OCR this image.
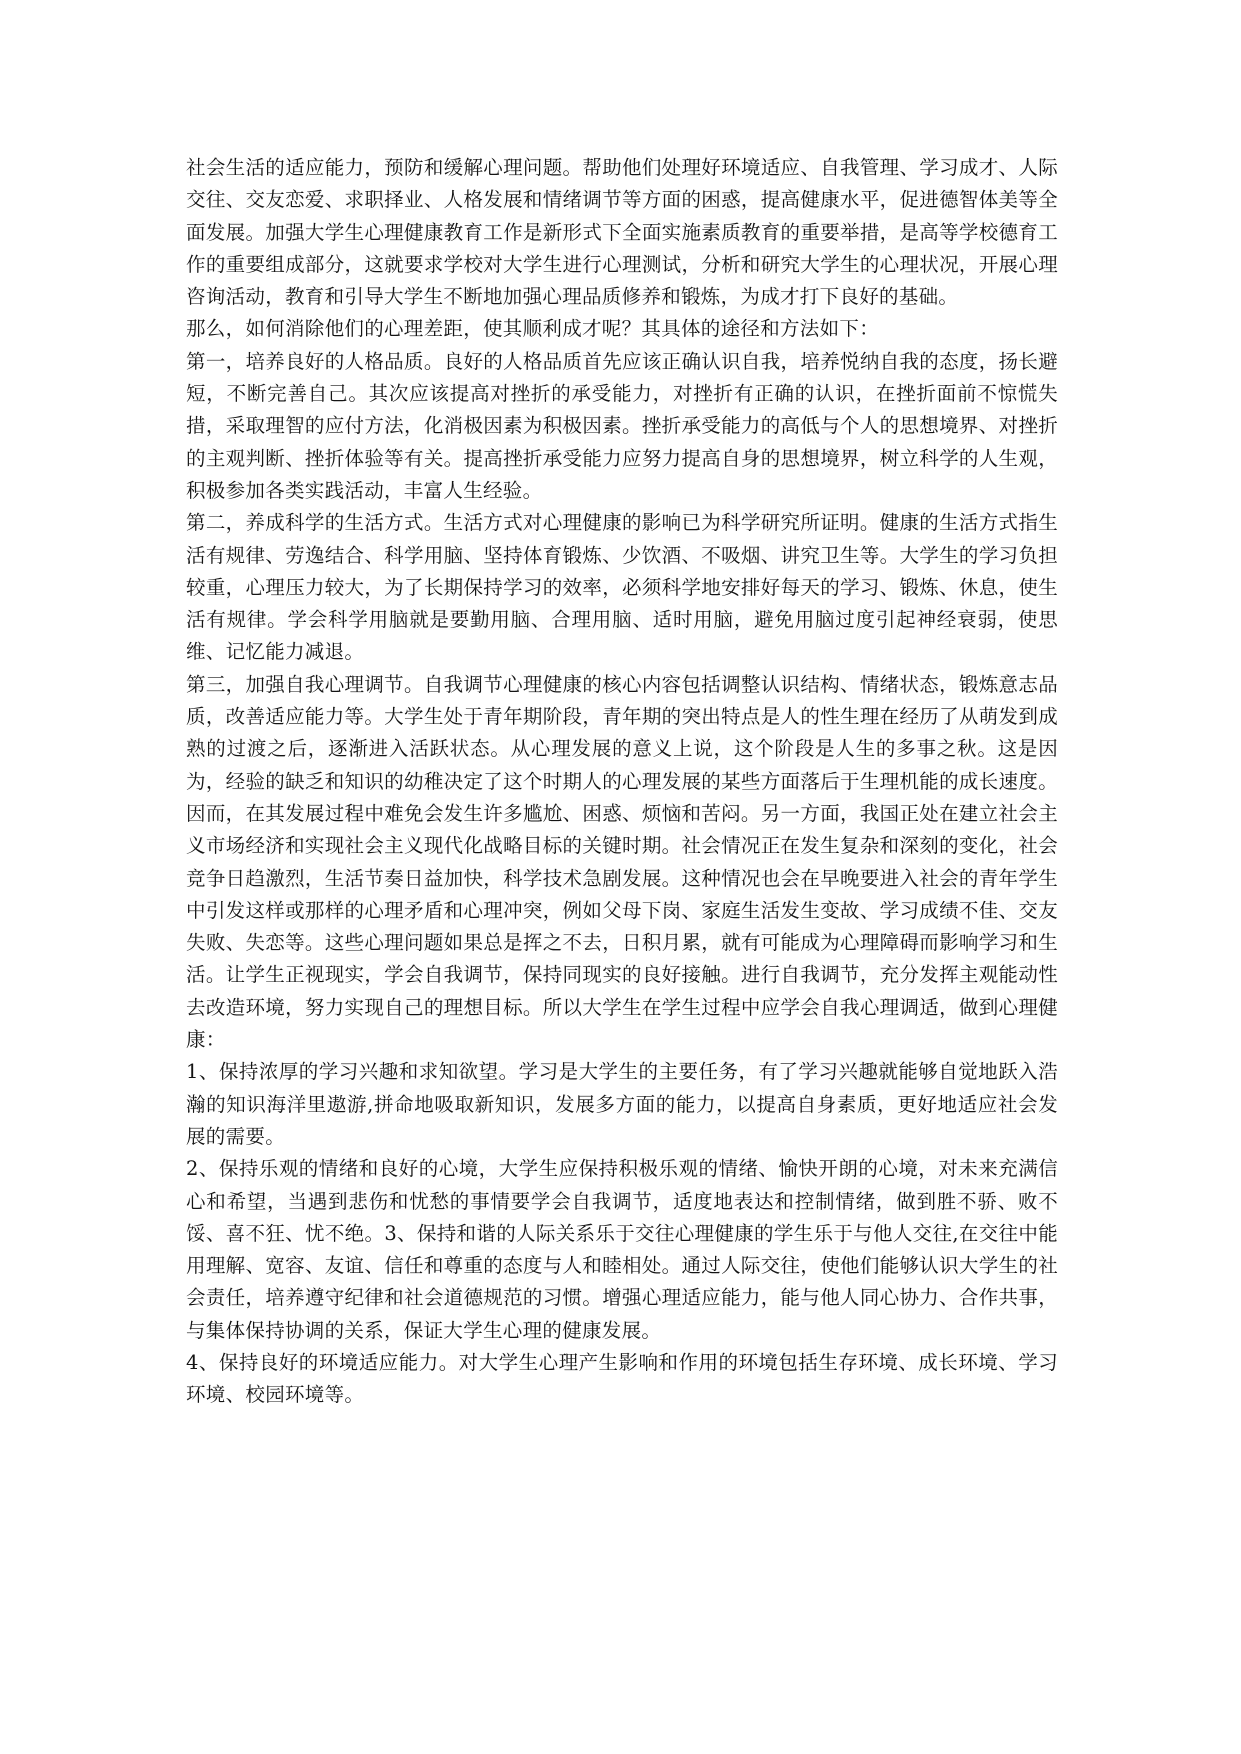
社会生活的适应能力，预防和缓解心理问题。帮助他们处理好环境适应、自我管理、学习成才、人际交往、交友恋爱、求职择业、人格发展和情绪调节等方面的困惑，提高健康水平，促进德智体美等全面发展。加强大学生心理健康教育工作是新形式下全面实施素质教育的重要举措，是高等学校德育工作的重要组成部分，这就要求学校对大学生进行心理测试，分析和研究大学生的心理状况，开展心理咨询活动，教育和引导大学生不断地加强心理品质修养和锻炼，为成才打下良好的基础。

那么，如何消除他们的心理差距，使其顺利成才呢？其具体的途径和方法如下：

第一，培养良好的人格品质。良好的人格品质首先应该正确认识自我，培养悦纳自我的态度，扬长避短，不断完善自己。其次应该提高对挫折的承受能力，对挫折有正确的认识，在挫折面前不惊慌失措，采取理智的应付方法，化消极因素为积极因素。挫折承受能力的高低与个人的思想境界、对挫折的主观判断、挫折体验等有关。提高挫折承受能力应努力提高自身的思想境界，树立科学的人生观，积极参加各类实践活动，丰富人生经验。

第二，养成科学的生活方式。生活方式对心理健康的影响已为科学研究所证明。健康的生活方式指生活有规律、劳逸结合、科学用脑、坚持体育锻炼、少饮酒、不吸烟、讲究卫生等。大学生的学习负担较重，心理压力较大，为了长期保持学习的效率，必须科学地安排好每天的学习、锻炼、休息，使生活有规律。学会科学用脑就是要勤用脑、合理用脑、适时用脑，避免用脑过度引起神经衰弱，使思维、记忆能力减退。

第三，加强自我心理调节。自我调节心理健康的核心内容包括调整认识结构、情绪状态，锻炼意志品质，改善适应能力等。大学生处于青年期阶段，青年期的突出特点是人的性生理在经历了从萌发到成熟的过渡之后，逐渐进入活跃状态。从心理发展的意义上说，这个阶段是人生的多事之秋。这是因为，经验的缺乏和知识的幼稚决定了这个时期人的心理发展的某些方面落后于生理机能的成长速度。因而，在其发展过程中难免会发生许多尴尬、困惑、烦恼和苦闷。另一方面，我国正处在建立社会主义市场经济和实现社会主义现代化战略目标的关键时期。社会情况正在发生复杂和深刻的变化，社会竞争日趋激烈，生活节奏日益加快，科学技术急剧发展。这种情况也会在早晚要进入社会的青年学生中引发这样或那样的心理矛盾和心理冲突，例如父母下岗、家庭生活发生变故、学习成绩不佳、交友失败、失恋等。这些心理问题如果总是挥之不去，日积月累，就有可能成为心理障碍而影响学习和生活。让学生正视现实，学会自我调节，保持同现实的良好接触。进行自我调节，充分发挥主观能动性去改造环境，努力实现自己的理想目标。所以大学生在学生过程中应学会自我心理调适，做到心理健康：

1、保持浓厚的学习兴趣和求知欲望。学习是大学生的主要任务，有了学习兴趣就能够自觉地跃入浩瀚的知识海洋里遨游,拼命地吸取新知识，发展多方面的能力，以提高自身素质，更好地适应社会发展的需要。

2、保持乐观的情绪和良好的心境，大学生应保持积极乐观的情绪、愉快开朗的心境，对未来充满信心和希望，当遇到悲伤和忧愁的事情要学会自我调节，适度地表达和控制情绪，做到胜不骄、败不馁、喜不狂、忧不绝。3、保持和谐的人际关系乐于交往心理健康的学生乐于与他人交往,在交往中能用理解、宽容、友谊、信任和尊重的态度与人和睦相处。通过人际交往，使他们能够认识大学生的社会责任，培养遵守纪律和社会道德规范的习惯。增强心理适应能力，能与他人同心协力、合作共事，与集体保持协调的关系，保证大学生心理的健康发展。

4、保持良好的环境适应能力。对大学生心理产生影响和作用的环境包括生存环境、成长环境、学习环境、校园环境等。
